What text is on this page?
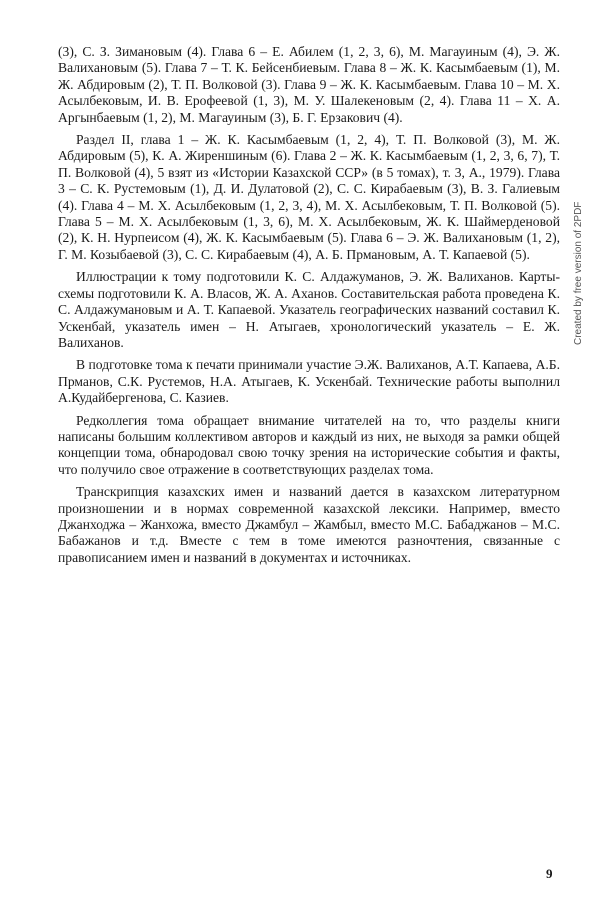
(3), С. З. Зимановым (4). Глава 6 – Е. Абилем (1, 2, 3, 6), М. Магауиным (4), Э. Ж. Валихановым (5). Глава 7 – Т. К. Бейсенбиевым. Глава 8 – Ж. К. Касымбаевым (1), М. Ж. Абдировым (2), Т. П. Волковой (3). Глава 9 – Ж. К. Касымбаевым. Глава 10 – М. Х. Асылбековым, И. В. Ерофеевой (1, 3), М. У. Шалекеновым (2, 4). Глава 11 – Х. А. Аргынбаевым (1, 2), М. Магауиным (3), Б. Г. Ерзакович (4).

Раздел II, глава 1 – Ж. К. Касымбаевым (1, 2, 4), Т. П. Волковой (3), М. Ж. Абдировым (5), К. А. Жиреншиным (6). Глава 2 – Ж. К. Касымбаевым (1, 2, 3, 6, 7), Т. П. Волковой (4), 5 взят из «Истории Казахской ССР» (в 5 томах), т. 3, А., 1979). Глава 3 – С. К. Рустемовым (1), Д. И. Дулатовой (2), С. С. Кирабаевым (3), В. З. Галиевым (4). Глава 4 – М. Х. Асылбековым (1, 2, 3, 4), М. Х. Асылбековым, Т. П. Волковой (5). Глава 5 – М. Х. Асылбековым (1, 3, 6), М. Х. Асылбековым, Ж. К. Шаймерденовой (2), К. Н. Нурпеисом (4), Ж. К. Касымбаевым (5). Глава 6 – Э. Ж. Валихановым (1, 2), Г. М. Козыбаевой (3), С. С. Кирабаевым (4), А. Б. Прмановым, А. Т. Капаевой (5).

Иллюстрации к тому подготовили К. С. Алдажуманов, Э. Ж. Валиханов. Карты-схемы подготовили К. А. Власов, Ж. А. Аханов. Составительская работа проведена К. С. Алдажумановым и А. Т. Капаевой. Указатель географических названий составил К. Ускенбай, указатель имен – Н. Атыгаев, хронологический указатель – Е. Ж. Валиханов.

В подготовке тома к печати принимали участие Э.Ж. Валиханов, А.Т. Капаева, А.Б. Прманов, С.К. Рустемов, Н.А. Атыгаев, К. Ускенбай. Технические работы выполнил А.Кудайбергенова, С. Казиев.

Редколлегия тома обращает внимание читателей на то, что разделы книги написаны большим коллективом авторов и каждый из них, не выходя за рамки общей концепции тома, обнародовал свою точку зрения на исторические события и факты, что получило свое отражение в соответствующих разделах тома.

Транскрипция казахских имен и названий дается в казахском литературном произношении и в нормах современной казахской лексики. Например, вместо Джанходжа – Жанхожа, вместо Джамбул – Жамбыл, вместо М.С. Бабаджанов – М.С. Бабажанов и т.д. Вместе с тем в томе имеются разночтения, связанные с правописанием имен и названий в документах и источниках.

Created by free version of 2PDF
9
